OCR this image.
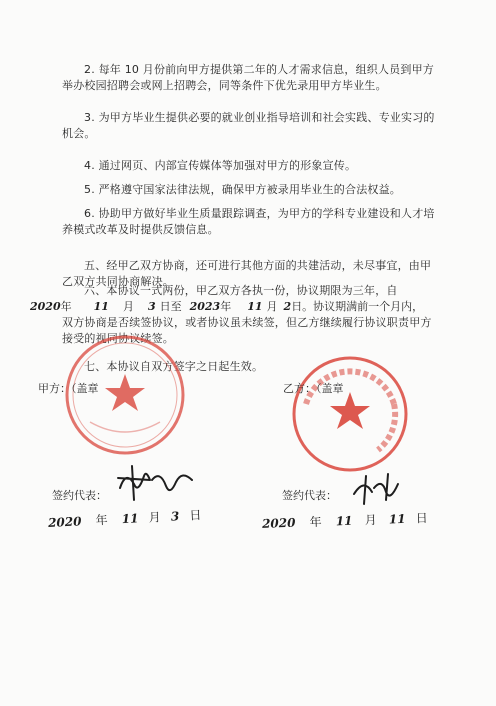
2. 每年 10 月份前向甲方提供第二年的人才需求信息，组织人员到甲方举办校园招聘会或网上招聘会，同等条件下优先录用甲方毕业生。

3. 为甲方毕业生提供必要的就业创业指导培训和社会实践、专业实习的机会。

4. 通过网页、内部宣传媒体等加强对甲方的形象宣传。

5. 严格遵守国家法律法规，确保甲方被录用毕业生的合法权益。

6. 协助甲方做好毕业生质量跟踪调查，为甲方的学科专业建设和人才培养模式改革及时提供反馈信息。

五、经甲乙双方协商，还可进行其他方面的共建活动，未尽事宜，由甲乙双方共同协商解决。

六、本协议一式两份，甲乙双方各执一份，协议期限为三年，自

2020年 11 月 3 日至 2023年 11 月 2日。协议期满前一个月内，

双方协商是否续签协议，或者协议虽未续签，但乙方继续履行协议职责甲方接受的视同协议续签。

七、本协议自双方签字之日起生效。

甲方：（盖章	乙方：（盖章
签约代表：	签约代表：
2020 年 11 月 3 日
2020 年 11 月 11 日
